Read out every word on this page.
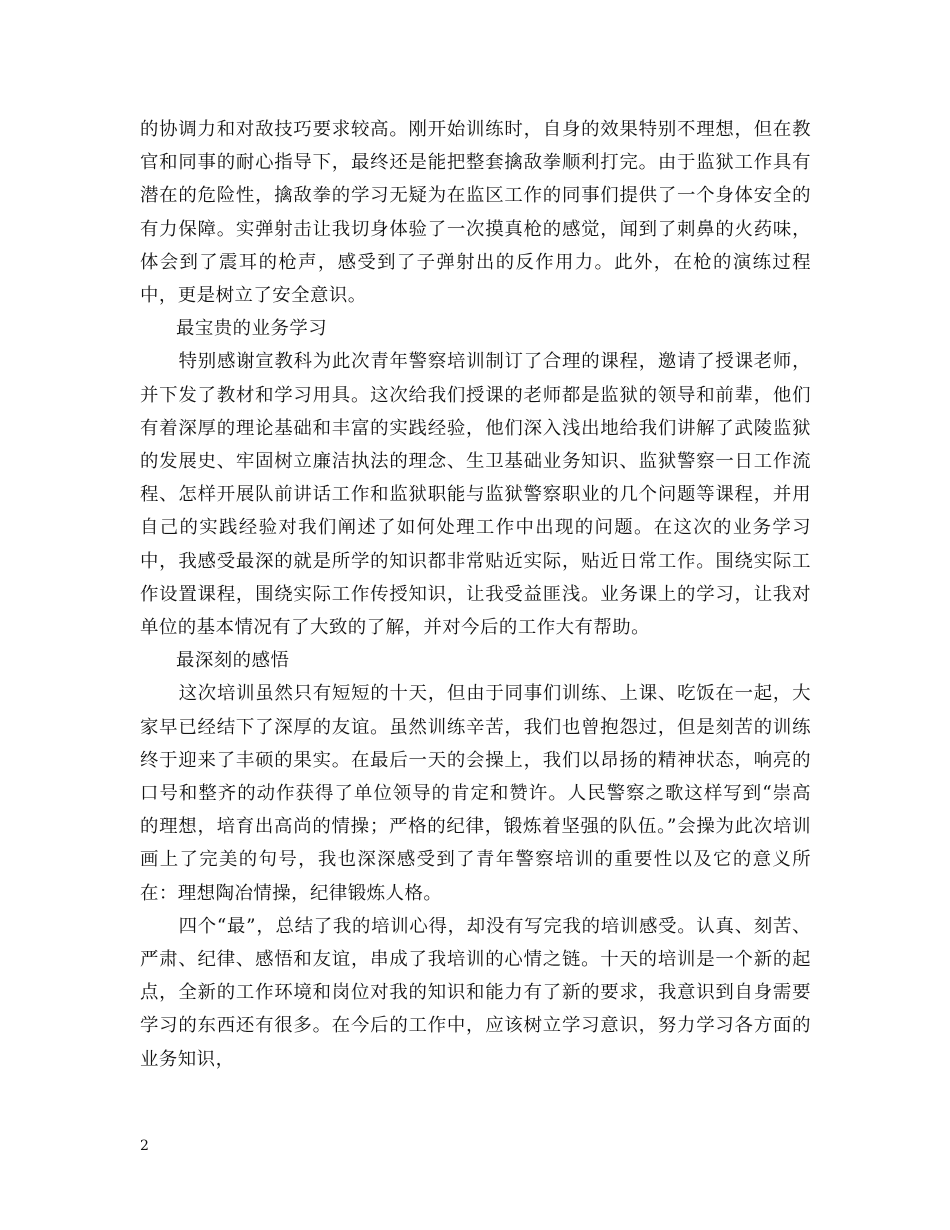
的协调力和对敌技巧要求较高。刚开始训练时，自身的效果特别不理想，但在教官和同事的耐心指导下，最终还是能把整套擒敌拳顺利打完。由于监狱工作具有潜在的危险性，擒敌拳的学习无疑为在监区工作的同事们提供了一个身体安全的有力保障。实弹射击让我切身体验了一次摸真枪的感觉，闻到了刺鼻的火药味，体会到了震耳的枪声，感受到了子弹射出的反作用力。此外，在枪的演练过程中，更是树立了安全意识。

最宝贵的业务学习

特别感谢宣教科为此次青年警察培训制订了合理的课程，邀请了授课老师，并下发了教材和学习用具。这次给我们授课的老师都是监狱的领导和前辈，他们有着深厚的理论基础和丰富的实践经验，他们深入浅出地给我们讲解了武陵监狱的发展史、牢固树立廉洁执法的理念、生卫基础业务知识、监狱警察一日工作流程、怎样开展队前讲话工作和监狱职能与监狱警察职业的几个问题等课程，并用自己的实践经验对我们阐述了如何处理工作中出现的问题。在这次的业务学习中，我感受最深的就是所学的知识都非常贴近实际，贴近日常工作。围绕实际工作设置课程，围绕实际工作传授知识，让我受益匪浅。业务课上的学习，让我对单位的基本情况有了大致的了解，并对今后的工作大有帮助。

最深刻的感悟

这次培训虽然只有短短的十天，但由于同事们训练、上课、吃饭在一起，大家早已经结下了深厚的友谊。虽然训练辛苦，我们也曾抱怨过，但是刻苦的训练终于迎来了丰硕的果实。在最后一天的会操上，我们以昂扬的精神状态，响亮的口号和整齐的动作获得了单位领导的肯定和赞许。人民警察之歌这样写到“崇高的理想，培育出高尚的情操；严格的纪律，锻炼着坚强的队伍。”会操为此次培训画上了完美的句号，我也深深感受到了青年警察培训的重要性以及它的意义所在：理想陶冶情操，纪律锻炼人格。

四个“最”，总结了我的培训心得，却没有写完我的培训感受。认真、刻苦、严肃、纪律、感悟和友谊，串成了我培训的心情之链。十天的培训是一个新的起点，全新的工作环境和岗位对我的知识和能力有了新的要求，我意识到自身需要学习的东西还有很多。在今后的工作中，应该树立学习意识，努力学习各方面的业务知识，

2
